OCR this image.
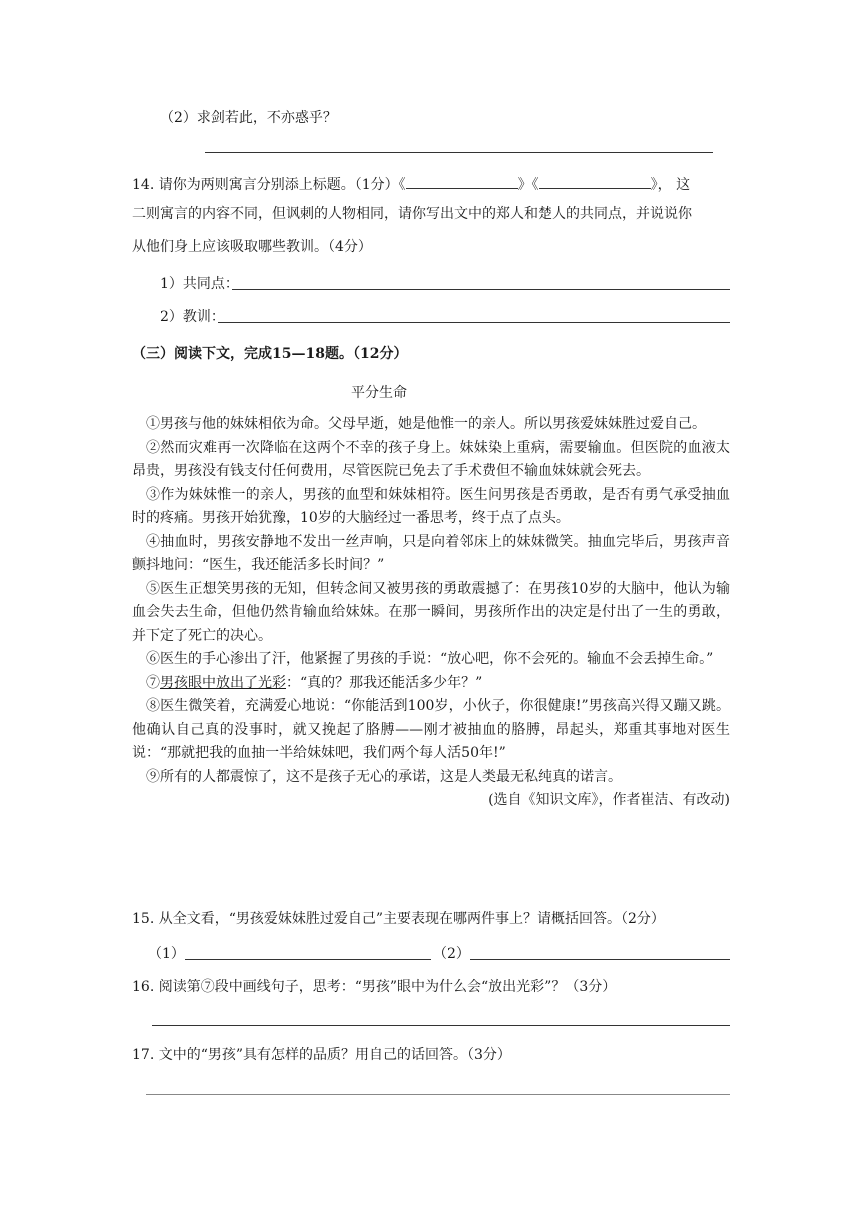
（2）求剑若此，不亦惑乎？
14. 请你为两则寓言分别添上标题。（1分）《	》《	》， 这
二则寓言的内容不同，但讽刺的人物相同，请你写出文中的郑人和楚人的共同点，并说说你
从他们身上应该吸取哪些教训。（4分）
1）共同点：
2）教训：
（三）阅读下文，完成15—18题。（12分）
平分生命
①男孩与他的妹妹相依为命。父母早逝，她是他惟一的亲人。所以男孩爱妹妹胜过爱自己。
②然而灾难再一次降临在这两个不幸的孩子身上。妹妹染上重病，需要输血。但医院的血液太昂贵，男孩没有钱支付任何费用，尽管医院已免去了手术费但不输血妹妹就会死去。
③作为妹妹惟一的亲人，男孩的血型和妹妹相符。医生问男孩是否勇敢，是否有勇气承受抽血时的疼痛。男孩开始犹豫，10岁的大脑经过一番思考，终于点了点头。
④抽血时，男孩安静地不发出一丝声响，只是向着邻床上的妹妹微笑。抽血完毕后，男孩声音颤抖地问：“医生，我还能活多长时间？”
⑤医生正想笑男孩的无知，但转念间又被男孩的勇敢震撼了：在男孩10岁的大脑中，他认为输血会失去生命，但他仍然肯输血给妹妹。在那一瞬间，男孩所作出的决定是付出了一生的勇敢，并下定了死亡的决心。
⑥医生的手心渗出了汗，他紧握了男孩的手说：“放心吧，你不会死的。输血不会丢掉生命。”
⑦男孩眼中放出了光彩：“真的？那我还能活多少年？”
⑧医生微笑着，充满爱心地说：“你能活到100岁，小伙子，你很健康!”男孩高兴得又蹦又跳。他确认自己真的没事时，就又挽起了胳膊——刚才被抽血的胳膊，昂起头，郑重其事地对医生说：“那就把我的血抽一半给妹妹吧，我们两个每人活50年!”
⑨所有的人都震惊了，这不是孩子无心的承诺，这是人类最无私纯真的诺言。
(选自《知识文库》，作者崔洁、有改动)
15. 从全文看，“男孩爱妹妹胜过爱自己”主要表现在哪两件事上？请概括回答。（2分）
（1）	（2）
16. 阅读第⑦段中画线句子，思考：“男孩”眼中为什么会“放出光彩”？（3分）
17. 文中的“男孩”具有怎样的品质？用自己的话回答。（3分）
